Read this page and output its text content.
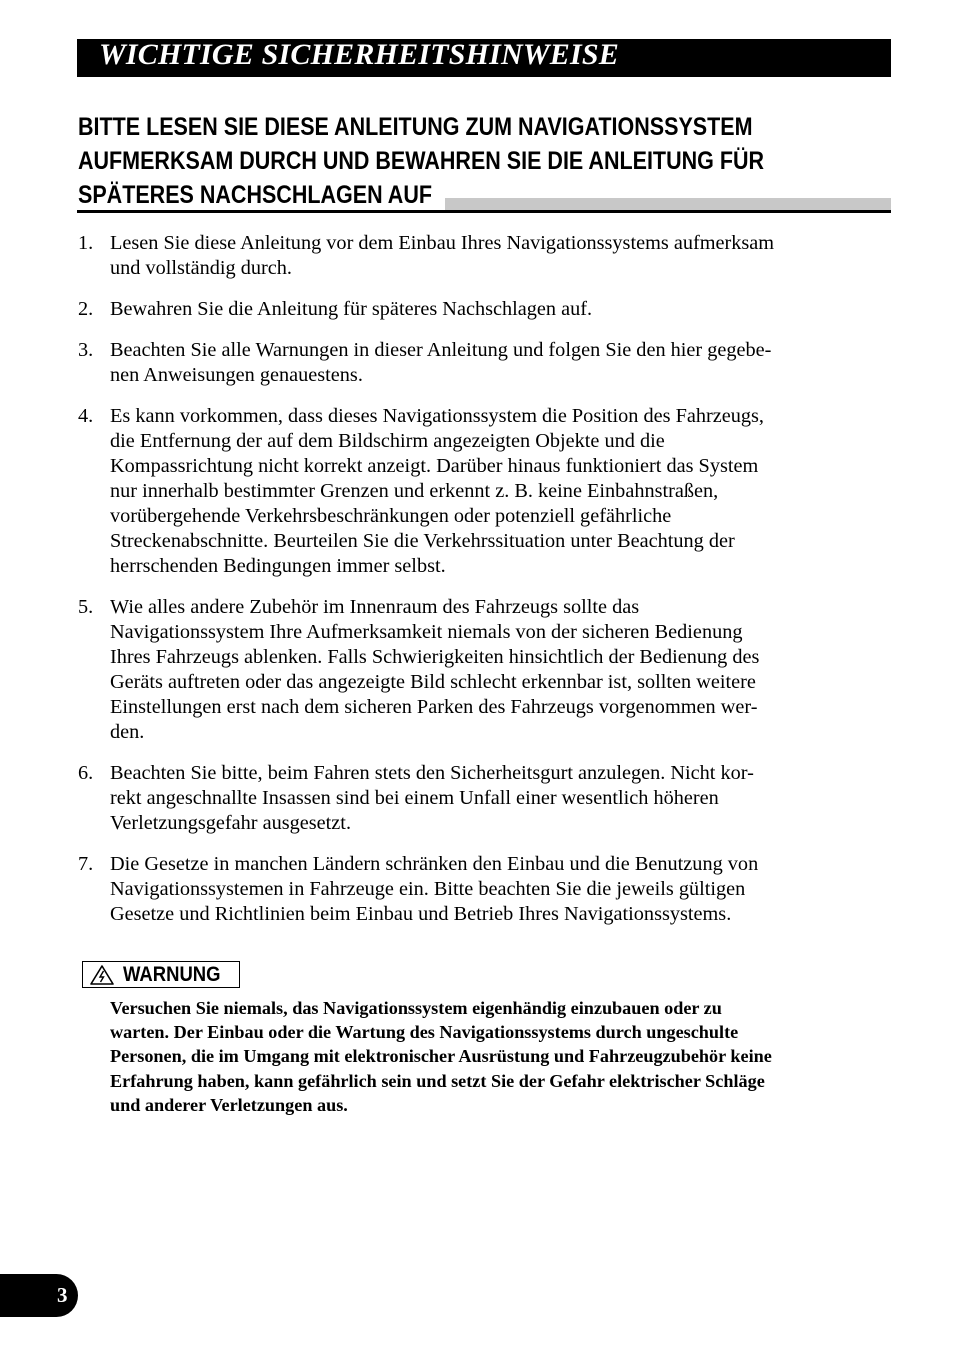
WICHTIGE SICHERHEITSHINWEISE
BITTE LESEN SIE DIESE ANLEITUNG ZUM NAVIGATIONSSYSTEM
AUFMERKSAM DURCH UND BEWAHREN SIE DIE ANLEITUNG FÜR
SPÄTERES NACHSCHLAGEN AUF
1. Lesen Sie diese Anleitung vor dem Einbau Ihres Navigationssystems aufmerksam
und vollständig durch.
2. Bewahren Sie die Anleitung für späteres Nachschlagen auf.
3. Beachten Sie alle Warnungen in dieser Anleitung und folgen Sie den hier gegebe-
nen Anweisungen genauestens.
4. Es kann vorkommen, dass dieses Navigationssystem die Position des Fahrzeugs,
die Entfernung der auf dem Bildschirm angezeigten Objekte und die
Kompassrichtung nicht korrekt anzeigt. Darüber hinaus funktioniert das System
nur innerhalb bestimmter Grenzen und erkennt z. B. keine Einbahnstraßen,
vorübergehende Verkehrsbeschränkungen oder potenziell gefährliche
Streckenabschnitte. Beurteilen Sie die Verkehrssituation unter Beachtung der
herrschenden Bedingungen immer selbst.
5. Wie alles andere Zubehör im Innenraum des Fahrzeugs sollte das
Navigationssystem Ihre Aufmerksamkeit niemals von der sicheren Bedienung
Ihres Fahrzeugs ablenken. Falls Schwierigkeiten hinsichtlich der Bedienung des
Geräts auftreten oder das angezeigte Bild schlecht erkennbar ist, sollten weitere
Einstellungen erst nach dem sicheren Parken des Fahrzeugs vorgenommen wer-
den.
6. Beachten Sie bitte, beim Fahren stets den Sicherheitsgurt anzulegen. Nicht kor-
rekt angeschnallte Insassen sind bei einem Unfall einer wesentlich höheren
Verletzungsgefahr ausgesetzt.
7. Die Gesetze in manchen Ländern schränken den Einbau und die Benutzung von
Navigationssystemen in Fahrzeuge ein. Bitte beachten Sie die jeweils gültigen
Gesetze und Richtlinien beim Einbau und Betrieb Ihres Navigationssystems.
WARNUNG
Versuchen Sie niemals, das Navigationssystem eigenhändig einzubauen oder zu
warten. Der Einbau oder die Wartung des Navigationssystems durch ungeschulte
Personen, die im Umgang mit elektronischer Ausrüstung und Fahrzeugzubehör keine
Erfahrung haben, kann gefährlich sein und setzt Sie der Gefahr elektrischer Schläge
und anderer Verletzungen aus.
3
